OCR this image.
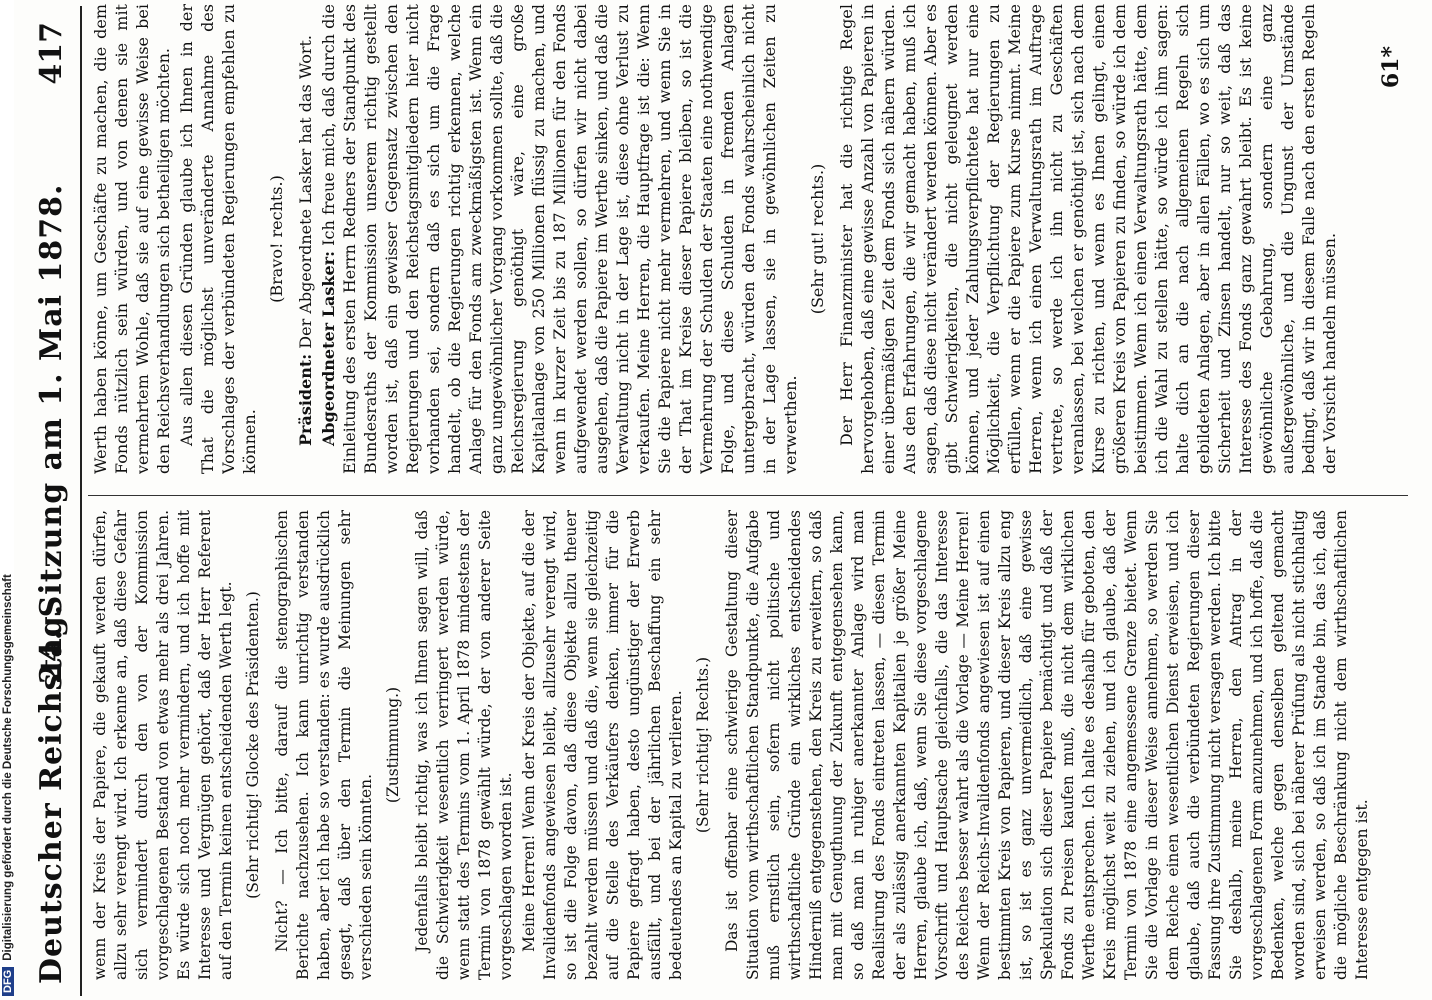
DFGDigitalisierung gefördert durch die Deutsche Forschungsgemeinschaft Deutscher Reichstag.
24. Sitzung am 1. Mai 1878.
417

wenn der Kreis der Papiere, die gekauft werden dürfen, allzu sehr verengt wird. Ich erkenne an, daß diese Gefahr sich vermindert durch den von der Kommission vorgeschlagenen Bestand von etwas mehr als drei Jahren. Es würde sich noch mehr vermindern, und ich hoffe mit Interesse und Vergnügen gehört, daß der Herr Referent auf den Termin keinen entscheidenden Werth legt. (Sehr richtig! Glocke des Präsidenten.) Nicht? — Ich bitte, darauf die stenographischen Berichte nachzusehen. Ich kann unrichtig verstanden haben, aber ich habe so verstanden: es wurde ausdrücklich gesagt, daß über den Termin die Meinungen sehr verschieden sein könnten.

(Zustimmung.) Jedenfalls bleibt richtig, was ich Ihnen sagen will, daß die Schwierigkeit wesentlich verringert werden würde, wenn statt des Termins vom 1. April 1878 mindestens der Termin von 1878 gewählt würde, der von anderer Seite vorgeschlagen worden ist. Meine Herren! Wenn der Kreis der Objekte, auf die der Invalidenfonds angewiesen bleibt, allzusehr verengt wird, so ist die Folge davon, daß diese Objekte allzu theuer bezahlt werden müssen und daß die, wenn sie gleichzeitig auf die Stelle des Verkäufers denken, immer für die Papiere gefragt haben, desto ungünstiger der Erwerb ausfällt, und bei der jährlichen Beschaffung ein sehr bedeutendes an Kapital zu verlieren. (Sehr richtig! Rechts.) Das ist offenbar eine schwierige Gestaltung dieser Situation vom wirthschaftlichen Standpunkte, die Aufgabe muß ernstlich sein, sofern nicht politische und wirthschaftliche Gründe ein wirkliches entscheidendes Hinderniß entgegenstehen, den Kreis zu erweitern, so daß man mit Genugthuung der Zukunft entgegensehen kann, so daß man in ruhiger anerkannter Anlage wird man Realisirung des Fonds eintreten lassen, — diesen Termin der als zulässig anerkannten Kapitalien je größer Meine Herren, glaube ich, daß, wenn Sie diese vorgeschlagene Vorschrift und Hauptsache gleichfalls, die das Interesse des Reiches besser wahrt als die Vorlage — Meine Herren! Wenn der Reichs-Invalidenfonds angewiesen ist auf einen bestimmten Kreis von Papieren, und dieser Kreis allzu eng ist, so ist es ganz unvermeidlich, daß eine gewisse Spekulation sich dieser Papiere bemächtigt und daß der Fonds zu Preisen kaufen muß, die nicht dem wirklichen Werthe entsprechen. Ich halte es deshalb für geboten, den Kreis möglichst weit zu ziehen, und ich glaube, daß der Termin von 1878 eine angemessene Grenze bietet. Wenn Sie die Vorlage in dieser Weise annehmen, so werden Sie dem Reiche einen wesentlichen Dienst erweisen, und ich glaube, daß auch die verbündeten Regierungen dieser Fassung ihre Zustimmung nicht versagen werden. Ich bitte Sie deshalb, meine Herren, den Antrag in der vorgeschlagenen Form anzunehmen, und ich hoffe, daß die Bedenken, welche gegen denselben geltend gemacht worden sind, sich bei näherer Prüfung als nicht stichhaltig erweisen werden, so daß ich im Stande bin, das ich, daß die mögliche Beschränkung nicht dem wirthschaftlichen Interesse entgegen ist.

Werth haben könne, um Geschäfte zu machen, die dem Fonds nützlich sein würden, und von denen sie mit vermehrtem Wohle, daß sie auf eine gewisse Weise bei den Reichsverhandlungen sich betheiligen möchten. Aus allen diesen Gründen glaube ich Ihnen in der That die möglichst unveränderte Annahme des Vorschlages der verbündeten Regierungen empfehlen zu können.

(Bravo! rechts.)

Präsident: Der Abgeordnete Lasker hat das Wort. Abgeordneter Lasker: Ich freue mich, daß durch die Einleitung des ersten Herrn Redners der Standpunkt des Bundesraths der Kommission unserem richtig gestellt worden ist, daß ein gewisser Gegensatz zwischen den Regierungen und den Reichstagsmitgliedern hier nicht vorhanden sei, sondern daß es sich um die Frage handelt, ob die Regierungen richtig erkennen, welche Anlage für den Fonds am zweckmäßigsten ist. Wenn ein ganz ungewöhnlicher Vorgang vorkommen sollte, daß die Reichsregierung genöthigt wäre, eine große Kapitalanlage von 250 Millionen flüssig zu machen, und wenn in kurzer Zeit bis zu 187 Millionen für den Fonds aufgewendet werden sollen, so dürfen wir nicht dabei ausgehen, daß die Papiere im Werthe sinken, und daß die Verwaltung nicht in der Lage ist, diese ohne Verlust zu verkaufen. Meine Herren, die Hauptfrage ist die: Wenn Sie die Papiere nicht mehr vermehren, und wenn Sie in der That im Kreise dieser Papiere bleiben, so ist die Vermehrung der Schulden der Staaten eine nothwendige Folge, und diese Schulden in fremden Anlagen untergebracht, würden den Fonds wahrscheinlich nicht in der Lage lassen, sie in gewöhnlichen Zeiten zu verwerthen.

(Sehr gut! rechts.) Der Herr Finanzminister hat die richtige Regel hervorgehoben, daß eine gewisse Anzahl von Papieren in einer übermäßigen Zeit dem Fonds sich nähern würden. Aus den Erfahrungen, die wir gemacht haben, muß ich sagen, daß diese nicht verändert werden können. Aber es gibt Schwierigkeiten, die nicht geleugnet werden können, und jeder Zahlungsverpflichtete hat nur eine Möglichkeit, die Verpflichtung der Regierungen zu erfüllen, wenn er die Papiere zum Kurse nimmt. Meine Herren, wenn ich einen Verwaltungsrath im Auftrage vertrete, so werde ich ihn nicht zu Geschäften veranlassen, bei welchen er genöthigt ist, sich nach dem Kurse zu richten, und wenn es Ihnen gelingt, einen größeren Kreis von Papieren zu finden, so würde ich dem beistimmen. Wenn ich einen Verwaltungsrath hätte, dem ich die Wahl zu stellen hätte, so würde ich ihm sagen: halte dich an die nach allgemeinen Regeln sich gebildeten Anlagen, aber in allen Fällen, wo es sich um Sicherheit und Zinsen handelt, nur so weit, daß das Interesse des Fonds ganz gewahrt bleibt. Es ist keine gewöhnliche Gebahrung, sondern eine ganz außergewöhnliche, und die Ungunst der Umstände bedingt, daß wir in diesem Falle nach den ersten Regeln der Vorsicht handeln müssen.

61*
